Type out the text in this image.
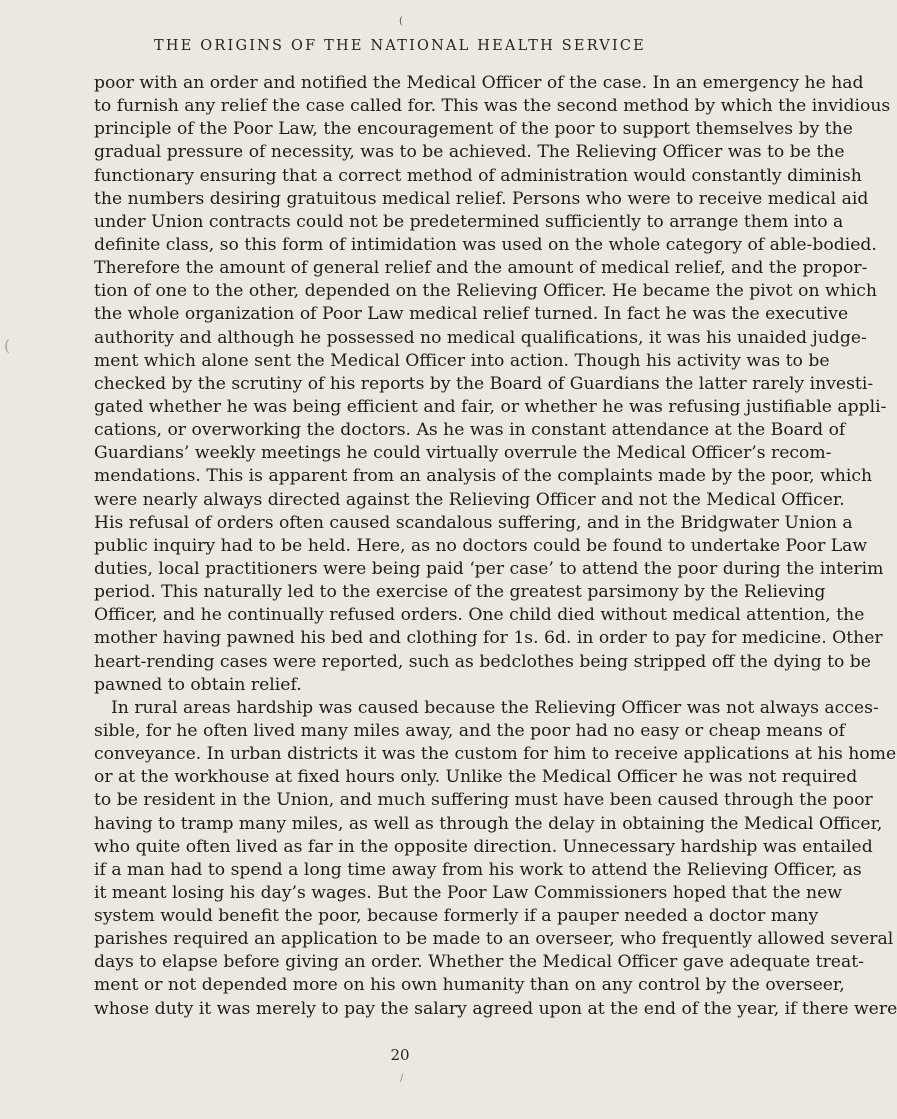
(
THE ORIGINS OF THE NATIONAL HEALTH SERVICE
(
poor with an order and notified the Medical Officer of the case. In an emergency he had
to furnish any relief the case called for. This was the second method by which the invidious
principle of the Poor Law, the encouragement of the poor to support themselves by the
gradual pressure of necessity, was to be achieved. The Relieving Officer was to be the
functionary ensuring that a correct method of administration would constantly diminish
the numbers desiring gratuitous medical relief. Persons who were to receive medical aid
under Union contracts could not be predetermined sufficiently to arrange them into a
definite class, so this form of intimidation was used on the whole category of able-bodied.
Therefore the amount of general relief and the amount of medical relief, and the propor-
tion of one to the other, depended on the Relieving Officer. He became the pivot on which
the whole organization of Poor Law medical relief turned. In fact he was the executive
authority and although he possessed no medical qualifications, it was his unaided judge-
ment which alone sent the Medical Officer into action. Though his activity was to be
checked by the scrutiny of his reports by the Board of Guardians the latter rarely investi-
gated whether he was being efficient and fair, or whether he was refusing justifiable appli-
cations, or overworking the doctors. As he was in constant attendance at the Board of
Guardians’ weekly meetings he could virtually overrule the Medical Officer’s recom-
mendations. This is apparent from an analysis of the complaints made by the poor, which
were nearly always directed against the Relieving Officer and not the Medical Officer.
His refusal of orders often caused scandalous suffering, and in the Bridgwater Union a
public inquiry had to be held. Here, as no doctors could be found to undertake Poor Law
duties, local practitioners were being paid ‘per case’ to attend the poor during the interim
period. This naturally led to the exercise of the greatest parsimony by the Relieving
Officer, and he continually refused orders. One child died without medical attention, the
mother having pawned his bed and clothing for 1s. 6d. in order to pay for medicine. Other
heart-rending cases were reported, such as bedclothes being stripped off the dying to be
pawned to obtain relief.
In rural areas hardship was caused because the Relieving Officer was not always acces-
sible, for he often lived many miles away, and the poor had no easy or cheap means of
conveyance. In urban districts it was the custom for him to receive applications at his home
or at the workhouse at fixed hours only. Unlike the Medical Officer he was not required
to be resident in the Union, and much suffering must have been caused through the poor
having to tramp many miles, as well as through the delay in obtaining the Medical Officer,
who quite often lived as far in the opposite direction. Unnecessary hardship was entailed
if a man had to spend a long time away from his work to attend the Relieving Officer, as
it meant losing his day’s wages. But the Poor Law Commissioners hoped that the new
system would benefit the poor, because formerly if a pauper needed a doctor many
parishes required an application to be made to an overseer, who frequently allowed several
days to elapse before giving an order. Whether the Medical Officer gave adequate treat-
ment or not depended more on his own humanity than on any control by the overseer,
whose duty it was merely to pay the salary agreed upon at the end of the year, if there were
20
/
